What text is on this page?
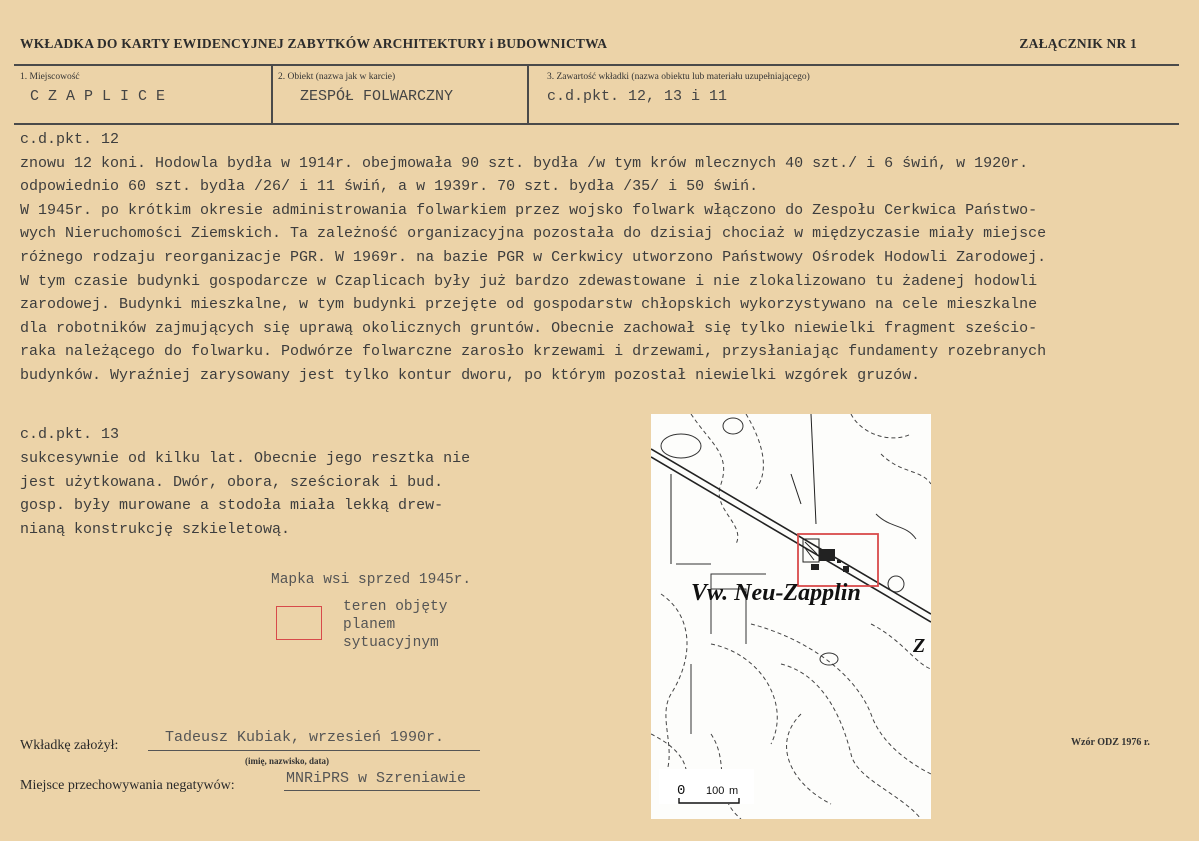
WKŁADKA DO KARTY EWIDENCYJNEJ ZABYTKÓW ARCHITEKTURY i BUDOWNICTWA	ZAŁĄCZNIK NR 1
1. Miejscowość
CZAPLICE
2. Obiekt (nazwa jak w karcie)
ZESPÓŁ FOLWARCZNY
3. Zawartość wkładki (nazwa obiektu lub materiału uzupełniającego)
c.d.pkt. 12, 13 i 11

c.d.pkt. 12

znowu 12 koni. Hodowla bydła w 1914r. obejmowała 90 szt. bydła /w tym krów mlecznych 40 szt./ i 6 świń, w 1920r.

odpowiednio 60 szt. bydła /26/ i 11 świń, a w 1939r. 70 szt. bydła /35/ i 50 świń.

W 1945r. po krótkim okresie administrowania folwarkiem przez wojsko folwark włączono do Zespołu Cerkwica Państwo-

wych Nieruchomości Ziemskich. Ta zależność organizacyjna pozostała do dzisiaj chociaż w międzyczasie miały miejsce

różnego rodzaju reorganizacje PGR. W 1969r. na bazie PGR w Cerkwicy utworzono Państwowy Ośrodek Hodowli Zarodowej.

W tym czasie budynki gospodarcze w Czaplicach były już bardzo zdewastowane i nie zlokalizowano tu żadenej hodowli

zarodowej. Budynki mieszkalne, w tym budynki przejęte od gospodarstw chłopskich wykorzystywano na cele mieszkalne

dla robotników zajmujących się uprawą okolicznych gruntów. Obecnie zachował się tylko niewielki fragment sześcio-

raka należącego do folwarku. Podwórze folwarczne zarosło krzewami i drzewami, przysłaniając fundamenty rozebranych

budynków. Wyraźniej zarysowany jest tylko kontur dworu, po którym pozostał niewielki wzgórek gruzów.

c.d.pkt. 13

sukcesywnie od kilku lat. Obecnie jego resztka nie

jest użytkowana. Dwór, obora, sześciorak i bud.

gosp. były murowane a stodoła miała lekką drew-

nianą konstrukcję szkieletową.

Mapka wsi sprzed 1945r.

teren objęty

planem

sytuacyjnym

Vw. Neu-Zapplin
Z
0 100 m
Wkładkę założył:	Tadeusz Kubiak, wrzesień 1990r.
(imię, nazwisko, data)
Miejsce przechowywania negatywów:	MNRiPRS w Szreniawie
Wzór ODZ 1976 r.
